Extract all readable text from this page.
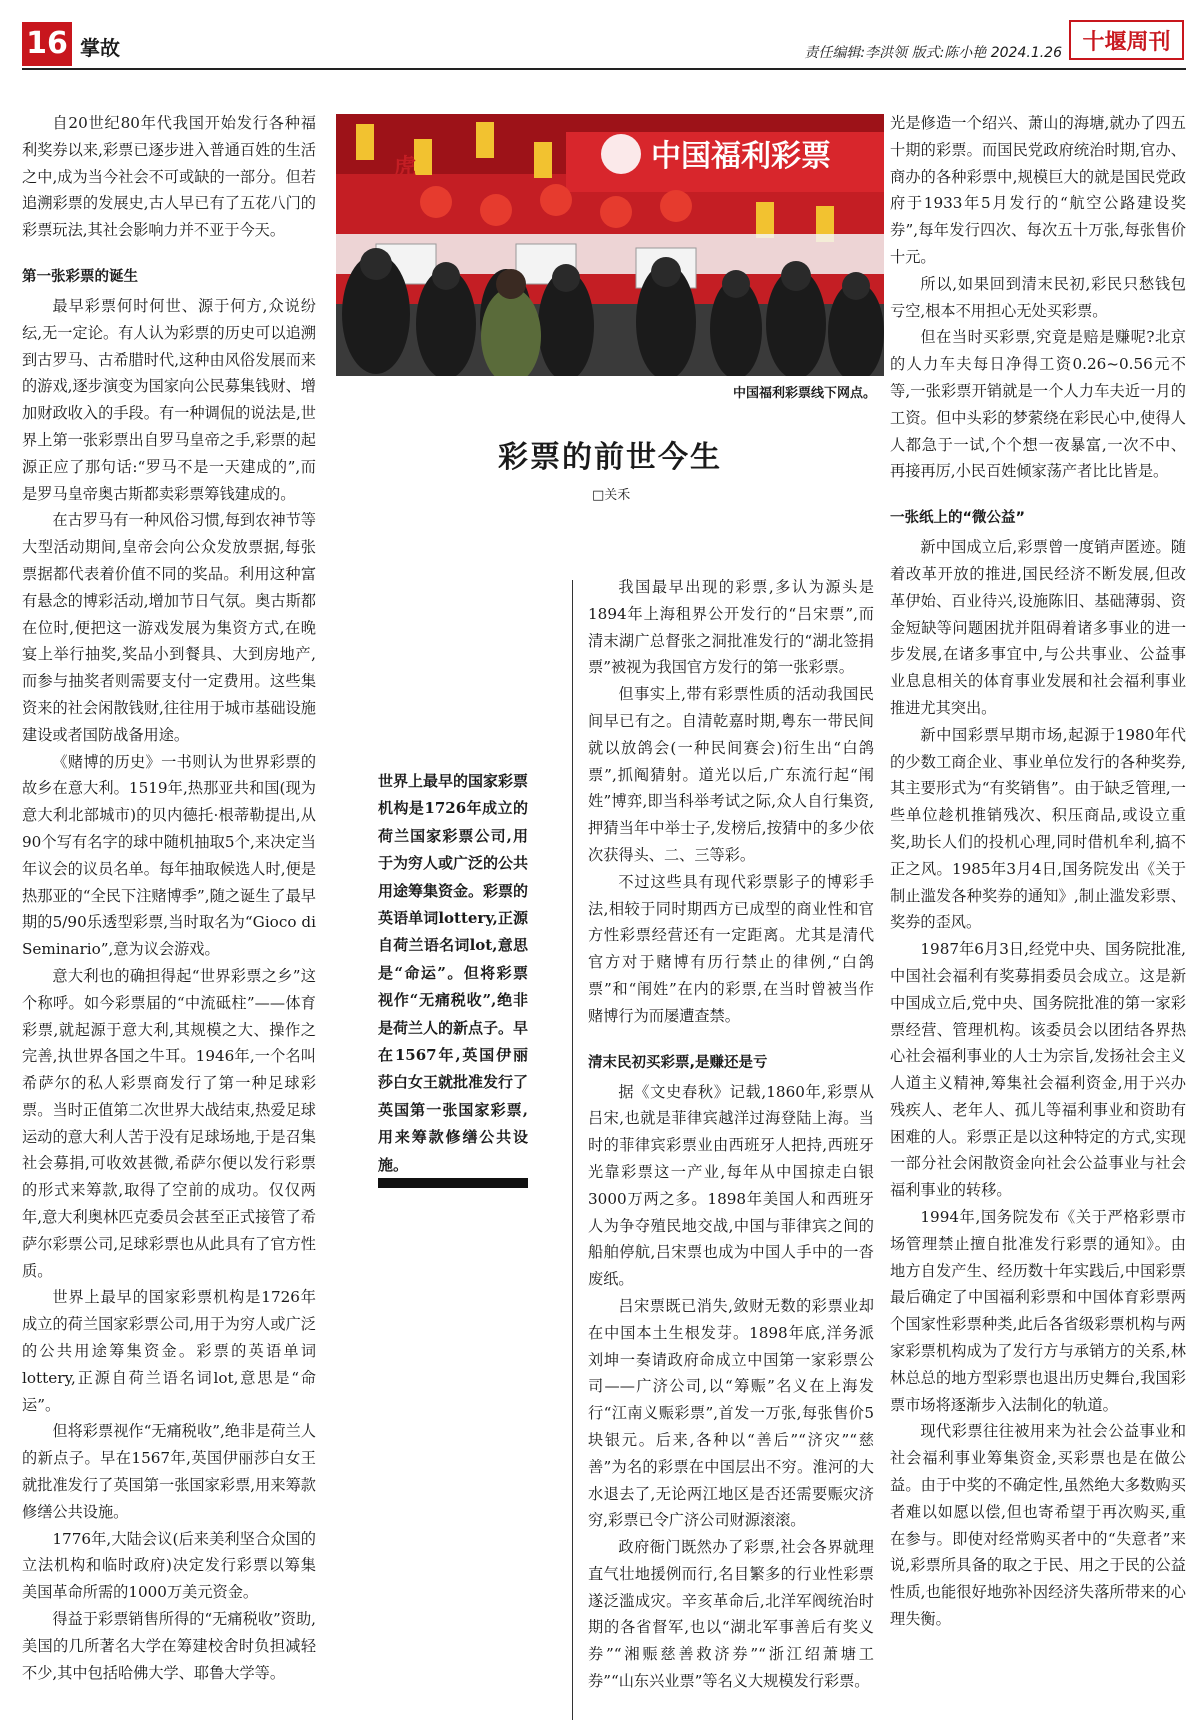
16 掌故	责任编辑:李洪领 版式:陈小艳 2024.1.26 十堰周刊

自20世纪80年代我国开始发行各种福利奖券以来,彩票已逐步进入普通百姓的生活之中,成为当今社会不可或缺的一部分。但若追溯彩票的发展史,古人早已有了五花八门的彩票玩法,其社会影响力并不亚于今天。

第一张彩票的诞生

最早彩票何时何世、源于何方,众说纷纭,无一定论。有人认为彩票的历史可以追溯到古罗马、古希腊时代,这种由风俗发展而来的游戏,逐步演变为国家向公民募集钱财、增加财政收入的手段。有一种调侃的说法是,世界上第一张彩票出自罗马皇帝之手,彩票的起源正应了那句话:“罗马不是一天建成的”,而是罗马皇帝奥古斯都卖彩票筹钱建成的。

在古罗马有一种风俗习惯,每到农神节等大型活动期间,皇帝会向公众发放票据,每张票据都代表着价值不同的奖品。利用这种富有悬念的博彩活动,增加节日气氛。奥古斯都在位时,便把这一游戏发展为集资方式,在晚宴上举行抽奖,奖品小到餐具、大到房地产,而参与抽奖者则需要支付一定费用。这些集资来的社会闲散钱财,往往用于城市基础设施建设或者国防战备用途。

《赌博的历史》一书则认为世界彩票的故乡在意大利。1519年,热那亚共和国(现为意大利北部城市)的贝内德托·根蒂勒提出,从90个写有名字的球中随机抽取5个,来决定当年议会的议员名单。每年抽取候选人时,便是热那亚的“全民下注赌博季”,随之诞生了最早期的5/90乐透型彩票,当时取名为“Gioco di Seminario”,意为议会游戏。

意大利也的确担得起“世界彩票之乡”这个称呼。如今彩票届的“中流砥柱”——体育彩票,就起源于意大利,其规模之大、操作之完善,执世界各国之牛耳。1946年,一个名叫希萨尔的私人彩票商发行了第一种足球彩票。当时正值第二次世界大战结束,热爱足球运动的意大利人苦于没有足球场地,于是召集社会募捐,可收效甚微,希萨尔便以发行彩票的形式来筹款,取得了空前的成功。仅仅两年,意大利奥林匹克委员会甚至正式接管了希萨尔彩票公司,足球彩票也从此具有了官方性质。

世界上最早的国家彩票机构是1726年成立的荷兰国家彩票公司,用于为穷人或广泛的公共用途筹集资金。彩票的英语单词lottery,正源自荷兰语名词lot,意思是“命运”。

但将彩票视作“无痛税收”,绝非是荷兰人的新点子。早在1567年,英国伊丽莎白女王就批准发行了英国第一张国家彩票,用来筹款修缮公共设施。

1776年,大陆会议(后来美利坚合众国的立法机构和临时政府)决定发行彩票以筹集美国革命所需的1000万美元资金。

得益于彩票销售所得的“无痛税收”资助,美国的几所著名大学在筹建校舍时负担减轻不少,其中包括哈佛大学、耶鲁大学等。

中国福利彩票
虎
中国福利彩票线下网点。
彩票的前世今生
□关禾
世界上最早的国家彩票机构是1726年成立的荷兰国家彩票公司,用于为穷人或广泛的公共用途筹集资金。彩票的英语单词lottery,正源自荷兰语名词lot,意思是“命运”。但将彩票视作“无痛税收”,绝非是荷兰人的新点子。早在1567年,英国伊丽莎白女王就批准发行了英国第一张国家彩票,用来筹款修缮公共设施。

我国最早出现的彩票,多认为源头是1894年上海租界公开发行的“吕宋票”,而清末湖广总督张之洞批准发行的“湖北签捐票”被视为我国官方发行的第一张彩票。

但事实上,带有彩票性质的活动我国民间早已有之。自清乾嘉时期,粤东一带民间就以放鸽会(一种民间赛会)衍生出“白鸽票”,抓阄猜射。道光以后,广东流行起“闱姓”博弈,即当科举考试之际,众人自行集资,押猜当年中举士子,发榜后,按猜中的多少依次获得头、二、三等彩。

不过这些具有现代彩票影子的博彩手法,相较于同时期西方已成型的商业性和官方性彩票经营还有一定距离。尤其是清代官方对于赌博有历行禁止的律例,“白鸽票”和“闱姓”在内的彩票,在当时曾被当作赌博行为而屡遭查禁。

清末民初买彩票,是赚还是亏

据《文史春秋》记载,1860年,彩票从吕宋,也就是菲律宾越洋过海登陆上海。当时的菲律宾彩票业由西班牙人把持,西班牙光靠彩票这一产业,每年从中国掠走白银3000万两之多。1898年美国人和西班牙人为争夺殖民地交战,中国与菲律宾之间的船舶停航,吕宋票也成为中国人手中的一沓废纸。

吕宋票既已消失,敛财无数的彩票业却在中国本土生根发芽。1898年底,洋务派刘坤一奏请政府命成立中国第一家彩票公司——广济公司,以“筹赈”名义在上海发行“江南义赈彩票”,首发一万张,每张售价5块银元。后来,各种以“善后”“济灾”“慈善”为名的彩票在中国层出不穷。淮河的大水退去了,无论两江地区是否还需要赈灾济穷,彩票已令广济公司财源滚滚。

政府衙门既然办了彩票,社会各界就理直气壮地援例而行,名目繁多的行业性彩票遂泛滥成灾。辛亥革命后,北洋军阀统治时期的各省督军,也以“湖北军事善后有奖义券”“湘赈慈善救济券”“浙江绍萧塘工券”“山东兴业票”等名义大规模发行彩票。

光是修造一个绍兴、萧山的海塘,就办了四五十期的彩票。而国民党政府统治时期,官办、商办的各种彩票中,规模巨大的就是国民党政府于1933年5月发行的“航空公路建设奖券”,每年发行四次、每次五十万张,每张售价十元。

所以,如果回到清末民初,彩民只愁钱包亏空,根本不用担心无处买彩票。

但在当时买彩票,究竟是赔是赚呢?北京的人力车夫每日净得工资0.26~0.56元不等,一张彩票开销就是一个人力车夫近一月的工资。但中头彩的梦萦绕在彩民心中,使得人人都急于一试,个个想一夜暴富,一次不中、再接再厉,小民百姓倾家荡产者比比皆是。

一张纸上的“微公益”

新中国成立后,彩票曾一度销声匿迹。随着改革开放的推进,国民经济不断发展,但改革伊始、百业待兴,设施陈旧、基础薄弱、资金短缺等问题困扰并阻碍着诸多事业的进一步发展,在诸多事宜中,与公共事业、公益事业息息相关的体育事业发展和社会福利事业推进尤其突出。

新中国彩票早期市场,起源于1980年代的少数工商企业、事业单位发行的各种奖券,其主要形式为“有奖销售”。由于缺乏管理,一些单位趁机推销残次、积压商品,或设立重奖,助长人们的投机心理,同时借机牟利,搞不正之风。1985年3月4日,国务院发出《关于制止滥发各种奖券的通知》,制止滥发彩票、奖券的歪风。

1987年6月3日,经党中央、国务院批准,中国社会福利有奖募捐委员会成立。这是新中国成立后,党中央、国务院批准的第一家彩票经营、管理机构。该委员会以团结各界热心社会福利事业的人士为宗旨,发扬社会主义人道主义精神,筹集社会福利资金,用于兴办残疾人、老年人、孤儿等福利事业和资助有困难的人。彩票正是以这种特定的方式,实现一部分社会闲散资金向社会公益事业与社会福利事业的转移。

1994年,国务院发布《关于严格彩票市场管理禁止擅自批准发行彩票的通知》。由地方自发产生、经历数十年实践后,中国彩票最后确定了中国福利彩票和中国体育彩票两个国家性彩票种类,此后各省级彩票机构与两家彩票机构成为了发行方与承销方的关系,林林总总的地方型彩票也退出历史舞台,我国彩票市场将逐渐步入法制化的轨道。

现代彩票往往被用来为社会公益事业和社会福利事业筹集资金,买彩票也是在做公益。由于中奖的不确定性,虽然绝大多数购买者难以如愿以偿,但也寄希望于再次购买,重在参与。即使对经常购买者中的“失意者”来说,彩票所具备的取之于民、用之于民的公益性质,也能很好地弥补因经济失落所带来的心理失衡。
